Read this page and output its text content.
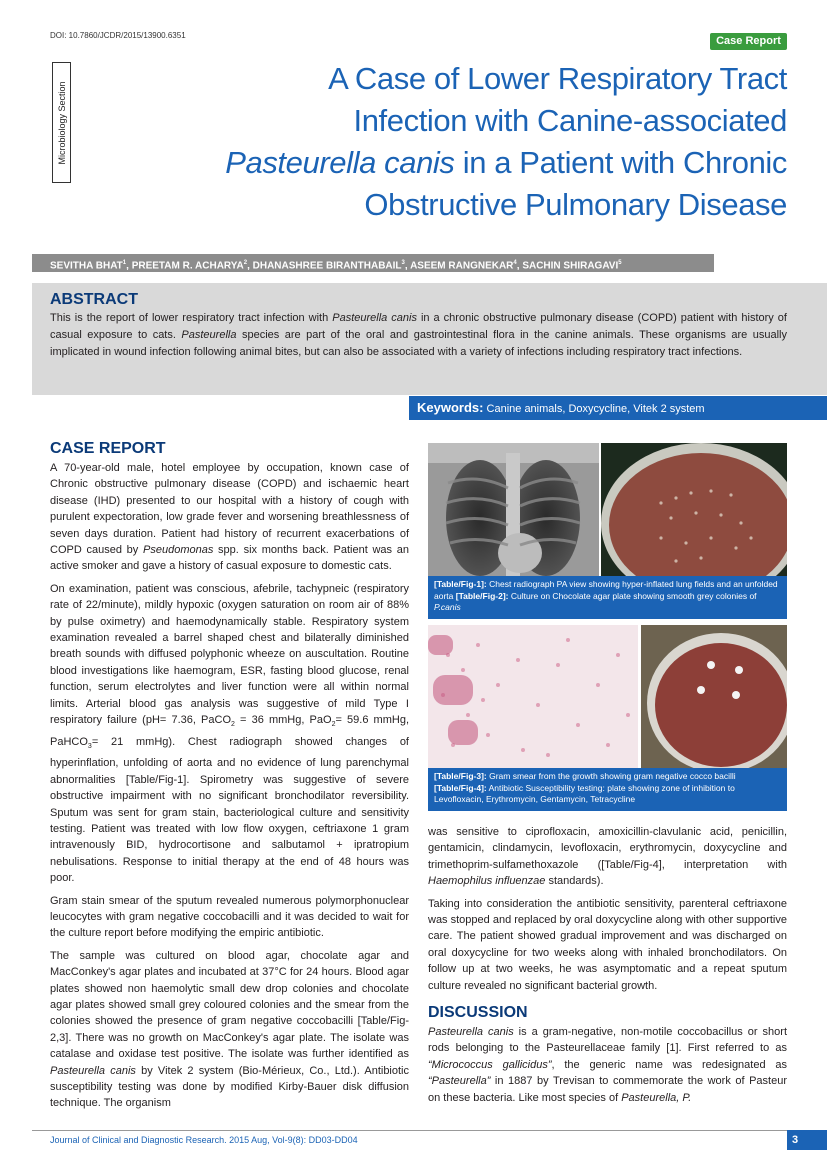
DOI: 10.7860/JCDR/2015/13900.6351	Case Report
Microbiology Section
A Case of Lower Respiratory Tract
Infection with Canine-associated
Pasteurella canis in a Patient with Chronic
Obstructive Pulmonary Disease
SEVITHA BHAT$^1$, PREETAM R. ACHARYA$^2$, DHANASHREE BIRANTHABAIL$^3$, ASEEM RANGNEKAR$^4$, SACHIN SHIRAGAVI$^5$
ABSTRACT
This is the report of lower respiratory tract infection with Pasteurella canis in a chronic obstructive pulmonary disease (COPD) patient with history of casual exposure to cats. Pasteurella species are part of the oral and gastrointestinal flora in the canine animals. These organisms are usually implicated in wound infection following animal bites, but can also be associated with a variety of infections including respiratory tract infections.
Keywords: Canine animals, Doxycycline, Vitek 2 system
CASE REPORT

A 70-year-old male, hotel employee by occupation, known case of Chronic obstructive pulmonary disease (COPD) and ischaemic heart disease (IHD) presented to our hospital with a history of cough with purulent expectoration, low grade fever and worsening breathlessness of seven days duration. Patient had history of recurrent exacerbations of COPD caused by Pseudomonas spp. six months back. Patient was an active smoker and gave a history of casual exposure to domestic cats.

On examination, patient was conscious, afebrile, tachypneic (respiratory rate of 22/minute), mildly hypoxic (oxygen saturation on room air of 88% by pulse oximetry) and haemodynamically stable. Respiratory system examination revealed a barrel shaped chest and bilaterally diminished breath sounds with diffused polyphonic wheeze on auscultation. Routine blood investigations like haemogram, ESR, fasting blood glucose, renal function, serum electrolytes and liver function were all within normal limits. Arterial blood gas analysis was suggestive of mild Type I respiratory failure (pH= 7.36, PaCO$_2$ = 36 mmHg, PaO$_2$= 59.6 mmHg, PaHCO$_3$= 21 mmHg). Chest radiograph showed changes of hyperinflation, unfolding of aorta and no evidence of lung parenchymal abnormalities [Table/Fig-1]. Spirometry was suggestive of severe obstructive impairment with no significant bronchodilator reversibility. Sputum was sent for gram stain, bacteriological culture and sensitivity testing. Patient was treated with low flow oxygen, ceftriaxone 1 gram intravenously BID, hydrocortisone and salbutamol + ipratropium nebulisations. Response to initial therapy at the end of 48 hours was poor.

Gram stain smear of the sputum revealed numerous polymorphonuclear leucocytes with gram negative coccobacilli and it was decided to wait for the culture report before modifying the empiric antibiotic.

The sample was cultured on blood agar, chocolate agar and MacConkey's agar plates and incubated at 37°C for 24 hours. Blood agar plates showed non haemolytic small dew drop colonies and chocolate agar plates showed small grey coloured colonies and the smear from the colonies showed the presence of gram negative coccobacilli [Table/Fig-2,3]. There was no growth on MacConkey's agar plate. The isolate was catalase and oxidase test positive. The isolate was further identified as Pasteurella canis by Vitek 2 system (Bio-Mérieux, Co., Ltd.). Antibiotic susceptibility testing was done by modified Kirby-Bauer disk diffusion technique. The organism

[Table/Fig-1]: Chest radiograph PA view showing hyper-inflated lung fields and an unfolded aorta [Table/Fig-2]: Culture on Chocolate agar plate showing smooth grey colonies of P.canis
[Table/Fig-3]: Gram smear from the growth showing gram negative cocco bacilli
[Table/Fig-4]: Antibiotic Susceptibility testing: plate showing zone of inhibition to Levofloxacin, Erythromycin, Gentamycin, Tetracycline

was sensitive to ciprofloxacin, amoxicillin-clavulanic acid, penicillin, gentamicin, clindamycin, levofloxacin, erythromycin, doxycycline and trimethoprim-sulfamethoxazole ([Table/Fig-4], interpretation with Haemophilus influenzae standards).

Taking into consideration the antibiotic sensitivity, parenteral ceftriaxone was stopped and replaced by oral doxycycline along with other supportive care. The patient showed gradual improvement and was discharged on oral doxycycline for two weeks along with inhaled bronchodilators. On follow up at two weeks, he was asymptomatic and a repeat sputum culture revealed no significant bacterial growth.

DISCUSSION

Pasteurella canis is a gram-negative, non-motile coccobacillus or short rods belonging to the Pasteurellaceae family [1]. First referred to as “Micrococcus gallicidus”, the generic name was redesignated as “Pasteurella” in 1887 by Trevisan to commemorate the work of Pasteur on these bacteria. Like most species of Pasteurella, P.

Journal of Clinical and Diagnostic Research. 2015 Aug, Vol-9(8): DD03-DD04	3
